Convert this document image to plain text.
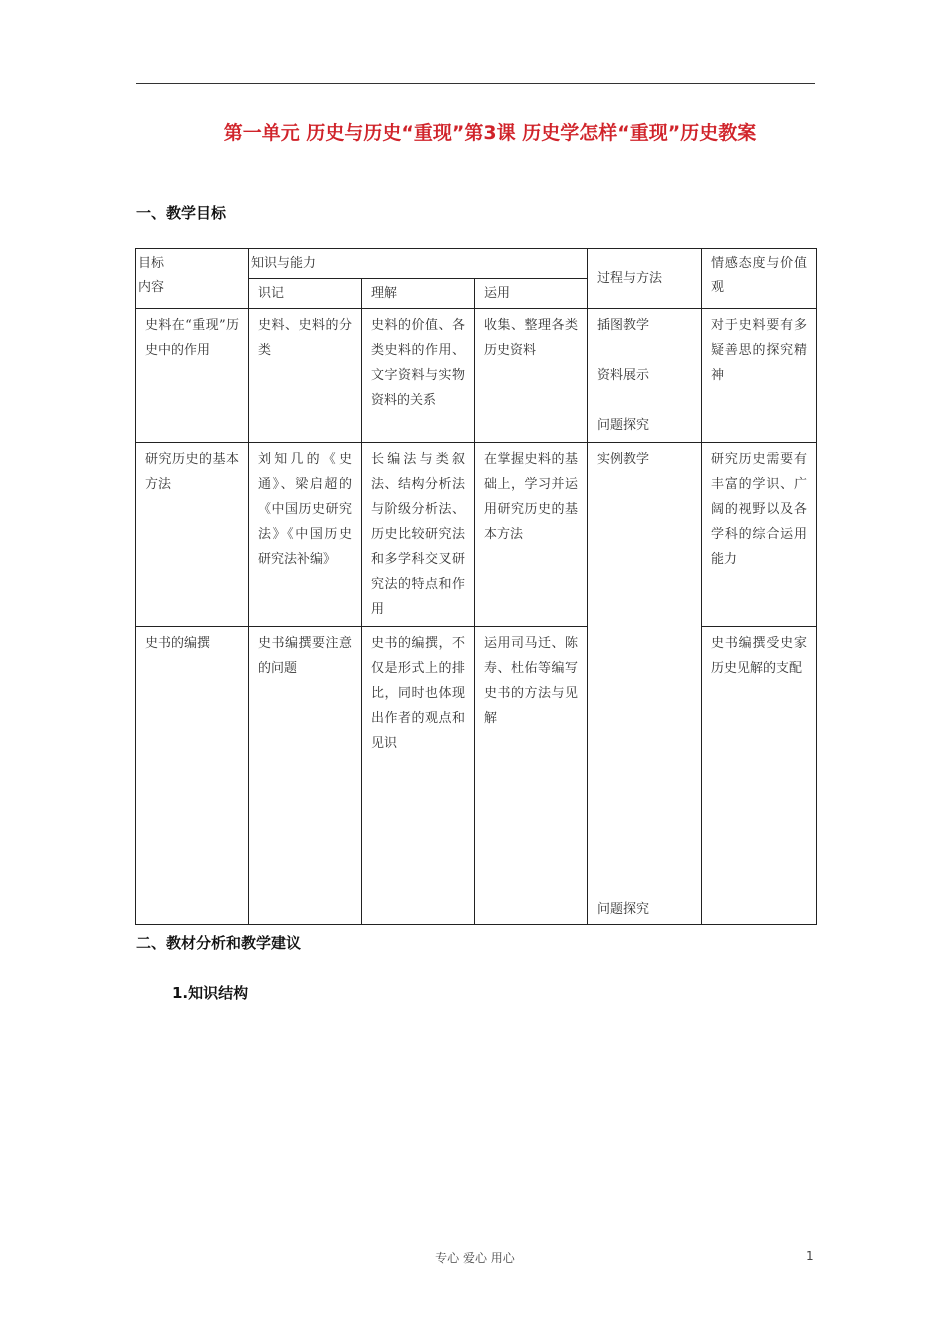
第一单元 历史与历史“重现”第3课 历史学怎样“重现”历史教案
一、教学目标
目标
内容	知识与能力			过程与方法	情感态度与价值观
	识记	理解	运用		
史料在“重现”历史中的作用	史料、史料的分类	史料的价值、各类史料的作用、文字资料与实物资料的关系	收集、整理各类历史资料	插图教学
资料展示
问题探究	对于史料要有多疑善思的探究精神
研究历史的基本方法	刘知几的《史通》、梁启超的《中国历史研究法》《中国历史研究法补编》	长编法与类叙法、结构分析法与阶级分析法、历史比较研究法和多学科交叉研究法的特点和作用	在掌握史料的基础上，学习并运用研究历史的基本方法	实例教学
问题探究	研究历史需要有丰富的学识、广阔的视野以及各学科的综合运用能力
史书的编撰	史书编撰要注意的问题	史书的编撰，不仅是形式上的排比，同时也体现出作者的观点和见识	运用司马迁、陈寿、杜佑等编写史书的方法与见解		史书编撰受史家历史见解的支配
二、教材分析和教学建议
1.知识结构
专心 爱心 用心	1
